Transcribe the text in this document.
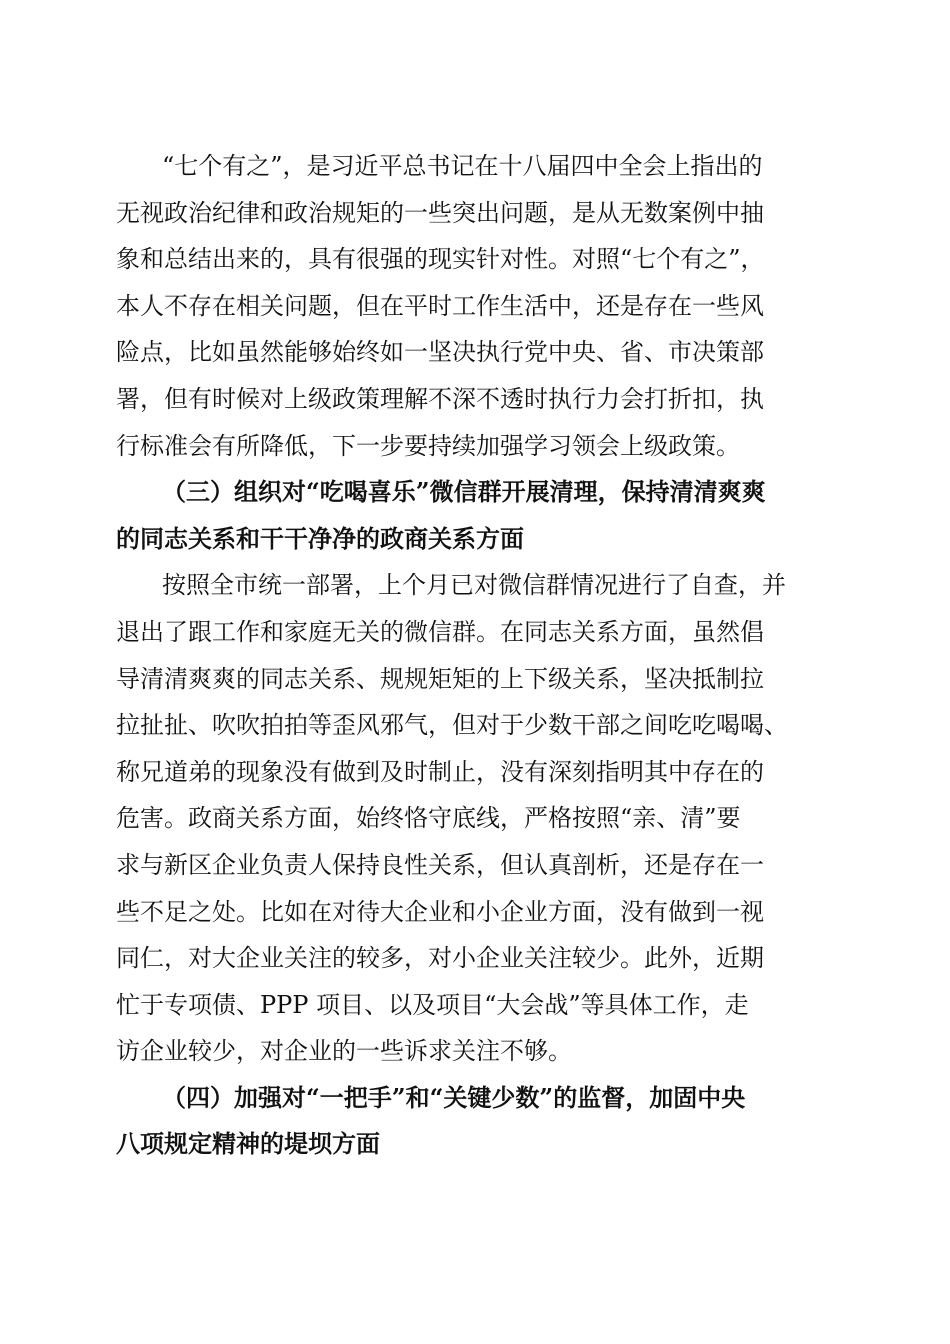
“七个有之”，是习近平总书记在十八届四中全会上指出的
无视政治纪律和政治规矩的一些突出问题，是从无数案例中抽
象和总结出来的，具有很强的现实针对性。对照“七个有之”，
本人不存在相关问题，但在平时工作生活中，还是存在一些风
险点，比如虽然能够始终如一坚决执行党中央、省、市决策部
署，但有时候对上级政策理解不深不透时执行力会打折扣，执
行标准会有所降低，下一步要持续加强学习领会上级政策。
（三）组织对“吃喝喜乐”微信群开展清理，保持清清爽爽
的同志关系和干干净净的政商关系方面
按照全市统一部署，上个月已对微信群情况进行了自查，并
退出了跟工作和家庭无关的微信群。在同志关系方面，虽然倡
导清清爽爽的同志关系、规规矩矩的上下级关系，坚决抵制拉
拉扯扯、吹吹拍拍等歪风邪气，但对于少数干部之间吃吃喝喝、
称兄道弟的现象没有做到及时制止，没有深刻指明其中存在的
危害。政商关系方面，始终恪守底线，严格按照“亲、清”要
求与新区企业负责人保持良性关系，但认真剖析，还是存在一
些不足之处。比如在对待大企业和小企业方面，没有做到一视
同仁，对大企业关注的较多，对小企业关注较少。此外，近期
忙于专项债、PPP 项目、以及项目“大会战”等具体工作，走
访企业较少，对企业的一些诉求关注不够。
（四）加强对“一把手”和“关键少数”的监督，加固中央
八项规定精神的堤坝方面
